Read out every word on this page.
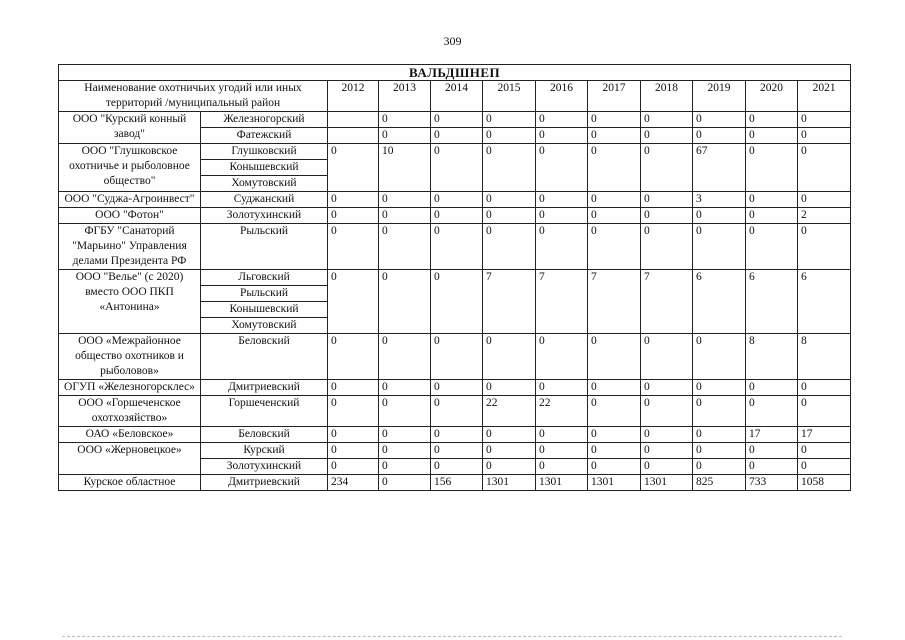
309
ВАЛЬДШНЕП											
Наименование охотничьих угодий или иных территорий /муниципальный район		2012	2013	2014	2015	2016	2017	2018	2019	2020	2021
ООО "Курский конный завод"	Железногорский		0	0	0	0	0	0	0	0	0
	Фатежский		0	0	0	0	0	0	0	0	0
ООО "Глушковское охотничье и рыболовное общество"	Глушковский	0	10	0	0	0	0	0	67	0	0
	Конышевский										
	Хомутовский										
ООО "Суджа-Агроинвест"	Суджанский	0	0	0	0	0	0	0	3	0	0
ООО "Фотон"	Золотухинский	0	0	0	0	0	0	0	0	0	2
ФГБУ "Санаторий "Марьино" Управления делами Президента РФ	Рыльский	0	0	0	0	0	0	0	0	0	0
ООО "Велье" (с 2020) вместо ООО ПКП «Антонина»	Льговский	0	0	0	7	7	7	7	6	6	6
	Рыльский										
	Конышевский										
	Хомутовский										
ООО «Межрайонное общество охотников и рыболовов»	Беловский	0	0	0	0	0	0	0	0	8	8
ОГУП «Железногорсклес»	Дмитриевский	0	0	0	0	0	0	0	0	0	0
ООО «Горшеченское охотхозяйство»	Горшеченский	0	0	0	22	22	0	0	0	0	0
ОАО «Беловское»	Беловский	0	0	0	0	0	0	0	0	17	17
ООО «Жерновецкое»	Курский	0	0	0	0	0	0	0	0	0	0
	Золотухинский	0	0	0	0	0	0	0	0	0	0
Курское областное	Дмитриевский	234	0	156	1301	1301	1301	1301	825	733	1058
